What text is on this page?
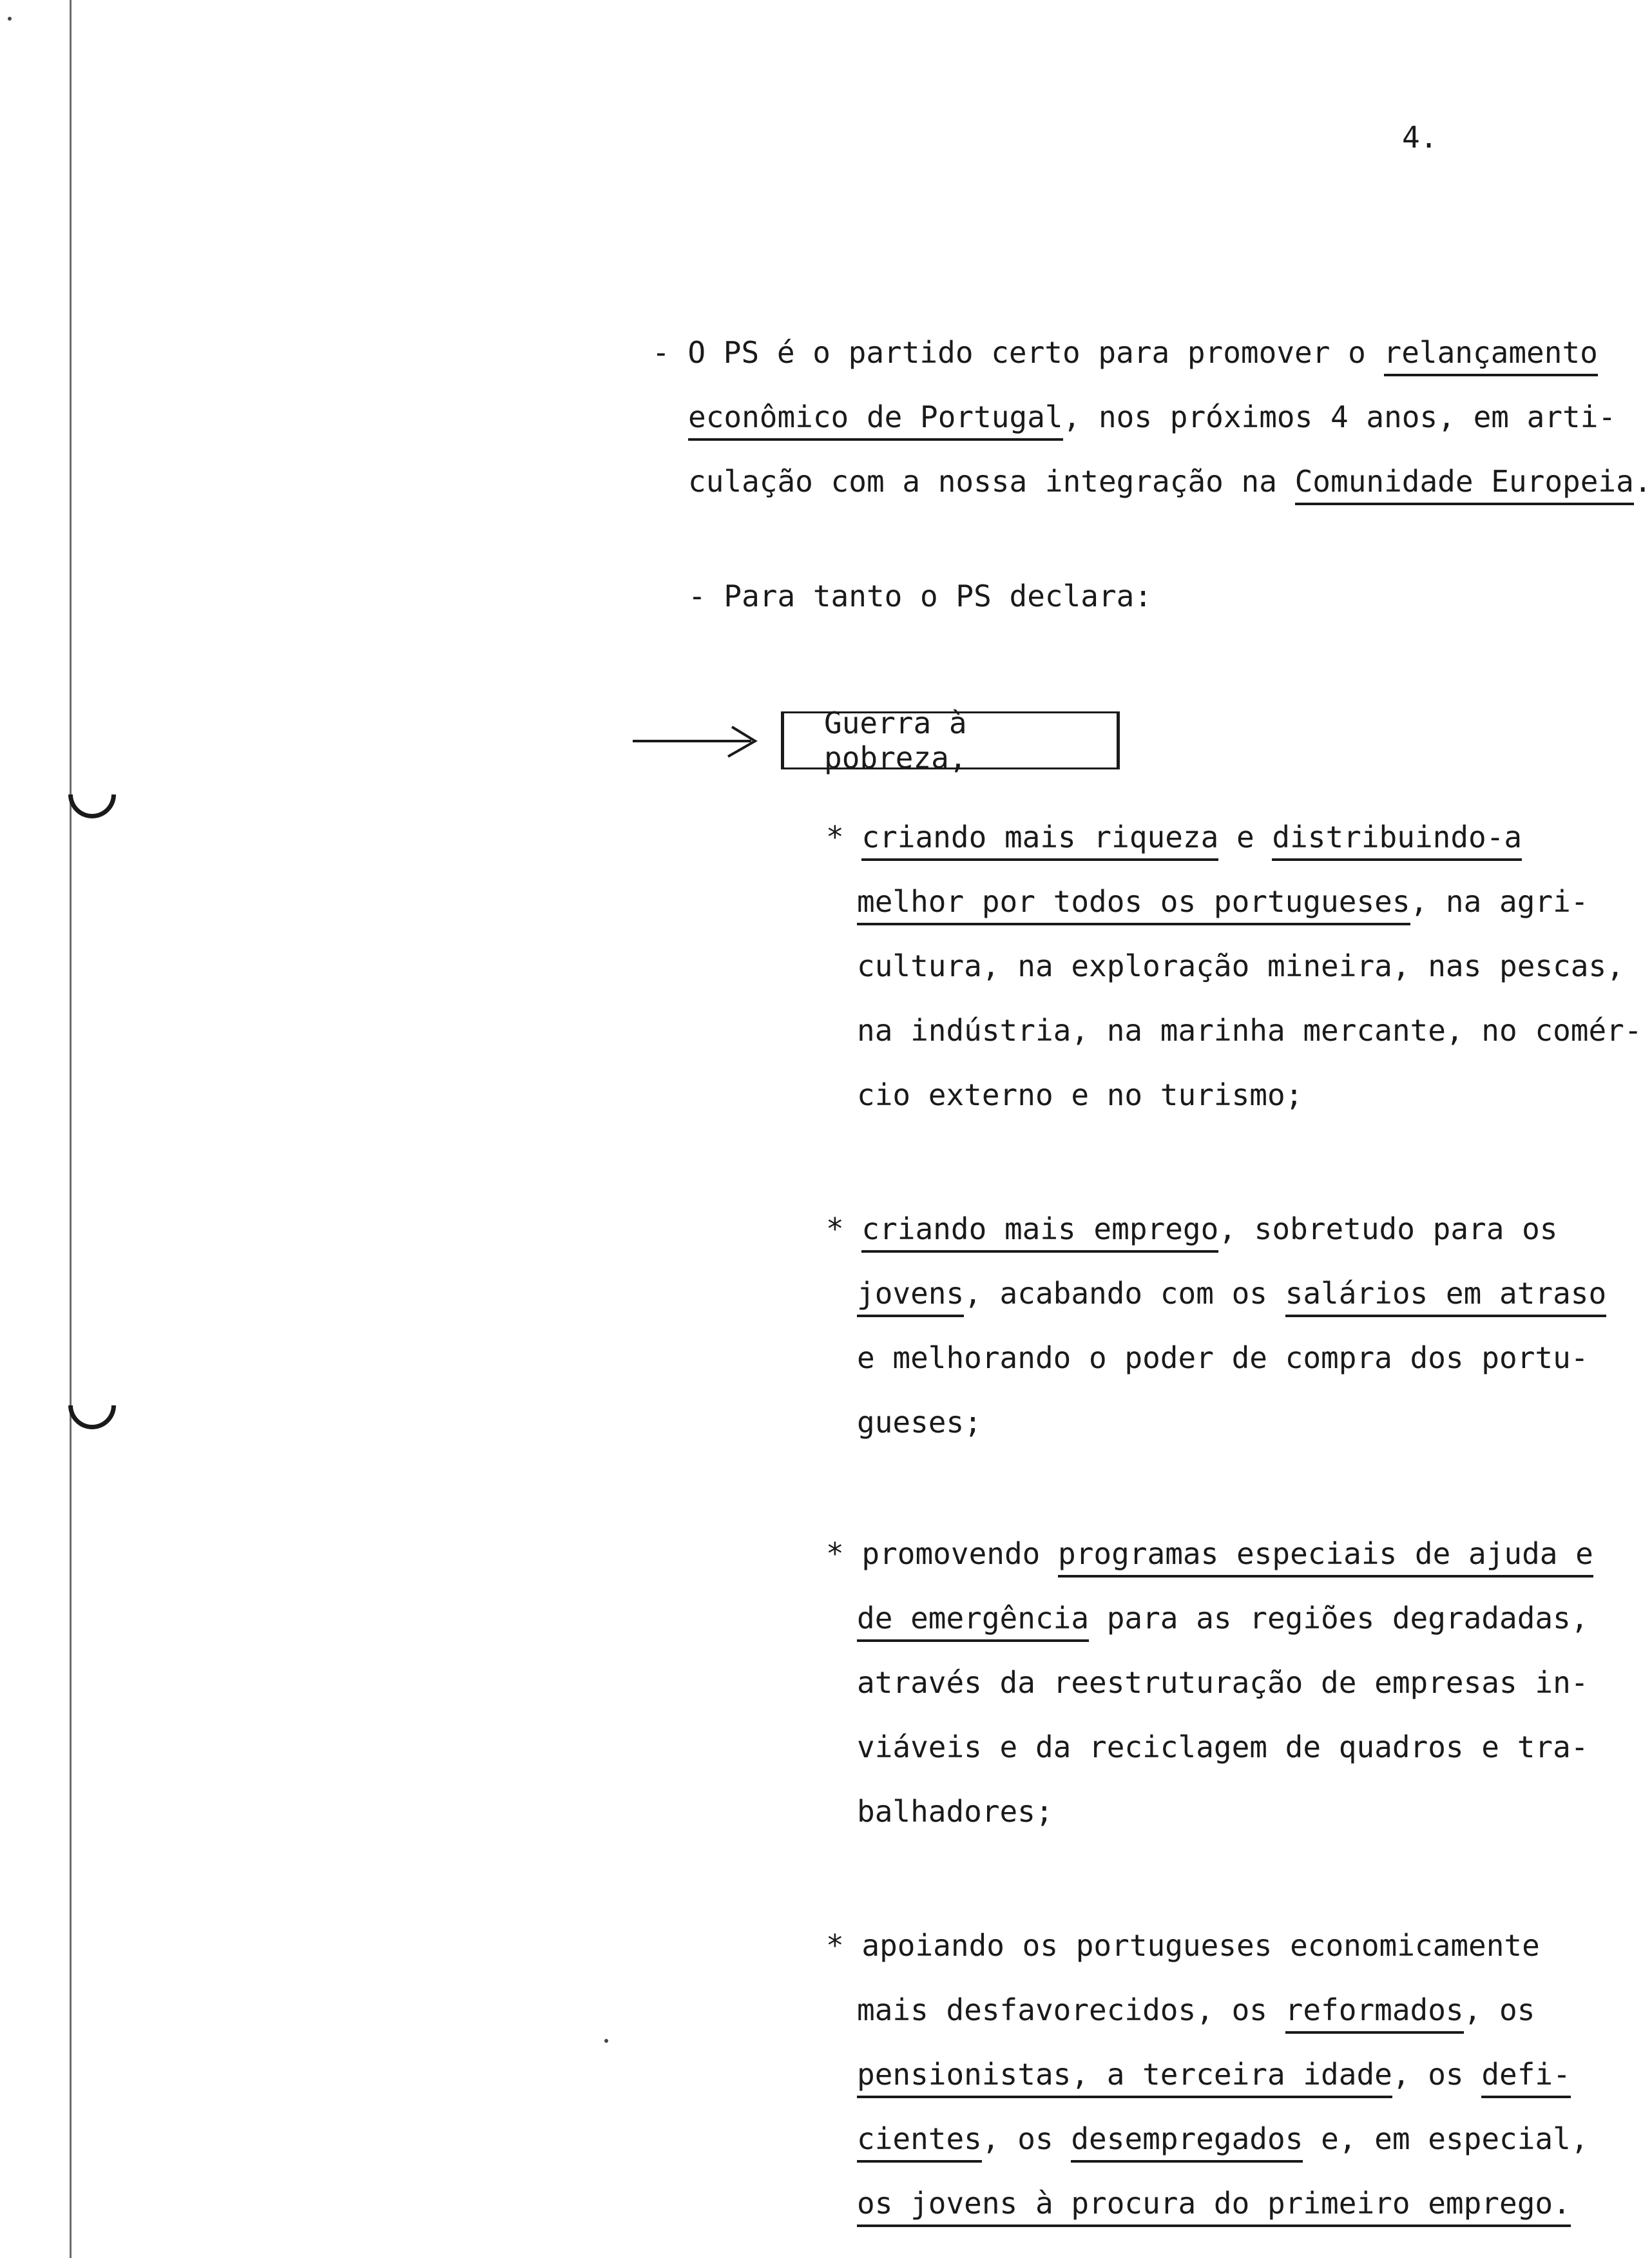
4.
- O PS é o partido certo para promover o relançamento
econômico de Portugal, nos próximos 4 anos, em arti-
culação com a nossa integração na Comunidade Europeia.
- Para tanto o PS declara:
Guerra à pobreza,
* criando mais riqueza e distribuindo-a
melhor por todos os portugueses, na agri-
cultura, na exploração mineira, nas pescas,
na indústria, na marinha mercante, no comér-
cio externo e no turismo;
* criando mais emprego, sobretudo para os
jovens, acabando com os salários em atraso
e melhorando o poder de compra dos portu-
gueses;
* promovendo programas especiais de ajuda e
de emergência para as regiões degradadas,
através da reestruturação de empresas in-
viáveis e da reciclagem de quadros e tra-
balhadores;
* apoiando os portugueses economicamente
mais desfavorecidos, os reformados, os
pensionistas, a terceira idade, os defi-
cientes, os desempregados e, em especial,
os jovens à procura do primeiro emprego.
